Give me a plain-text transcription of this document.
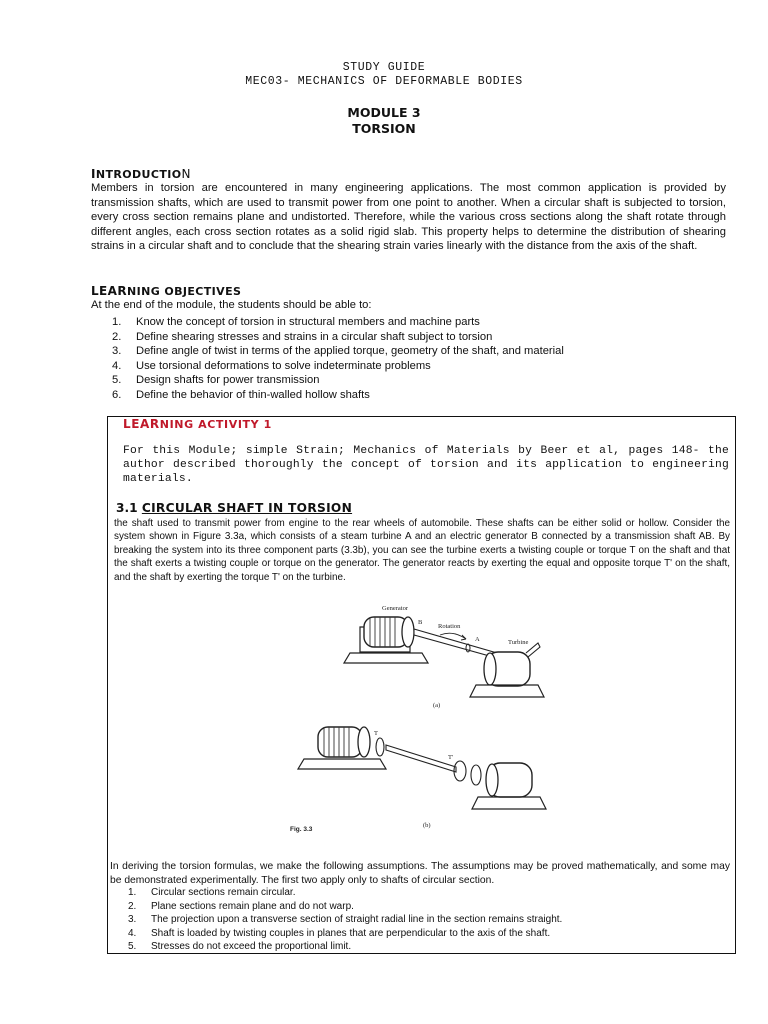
STUDY GUIDE
MEC03- MECHANICS OF DEFORMABLE BODIES
MODULE 3
TORSION
INTRODUCTION

Members in torsion are encountered in many engineering applications. The most common application is provided by transmission shafts, which are used to transmit power from one point to another. When a circular shaft is subjected to torsion, every cross section remains plane and undistorted. Therefore, while the various cross sections along the shaft rotate through different angles, each cross section rotates as a solid rigid slab. This property helps to determine the distribution of shearing strains in a circular shaft and to conclude that the shearing strain varies linearly with the distance from the axis of the shaft.

LEARNING OBJECTIVES

At the end of the module, the students should be able to:

1.	Know the concept of torsion in structural members and machine parts
2.	Define shearing stresses and strains in a circular shaft subject to torsion
3.	Define angle of twist in terms of the applied torque, geometry of the shaft, and material
4.	Use torsional deformations to solve indeterminate problems
5.	Design shafts for power transmission
6.	Define the behavior of thin-walled hollow shafts
LEARNING ACTIVITY 1

For this Module; simple Strain; Mechanics of Materials by Beer et al, pages 148- the author described thoroughly the concept of torsion and its application to engineering materials.

3.1 CIRCULAR SHAFT IN TORSION

the shaft used to transmit power from engine to the rear wheels of automobile. These shafts can be either solid or hollow. Consider the system shown in Figure 3.3a, which consists of a steam turbine A and an electric generator B connected by a transmission shaft AB. By breaking the system into its three component parts (3.3b), you can see the turbine exerts a twisting couple or torque T on the shaft and that the shaft exerts a twisting couple or torque on the generator. The generator reacts by exerting the equal and opposite torque T' on the shaft, and the shaft by exerting the torque T' on the turbine.

Generator
B
Rotation
A	Turbine
(a)
T
T'
(b)
Fig. 3.3

In deriving the torsion formulas, we make the following assumptions. The assumptions may be proved mathematically, and some may be demonstrated experimentally. The first two apply only to shafts of circular section.

1.	Circular sections remain circular.
2.	Plane sections remain plane and do not warp.
3.	The projection upon a transverse section of straight radial line in the section remains straight.
4.	Shaft is loaded by twisting couples in planes that are perpendicular to the axis of the shaft.
5.	Stresses do not exceed the proportional limit.
